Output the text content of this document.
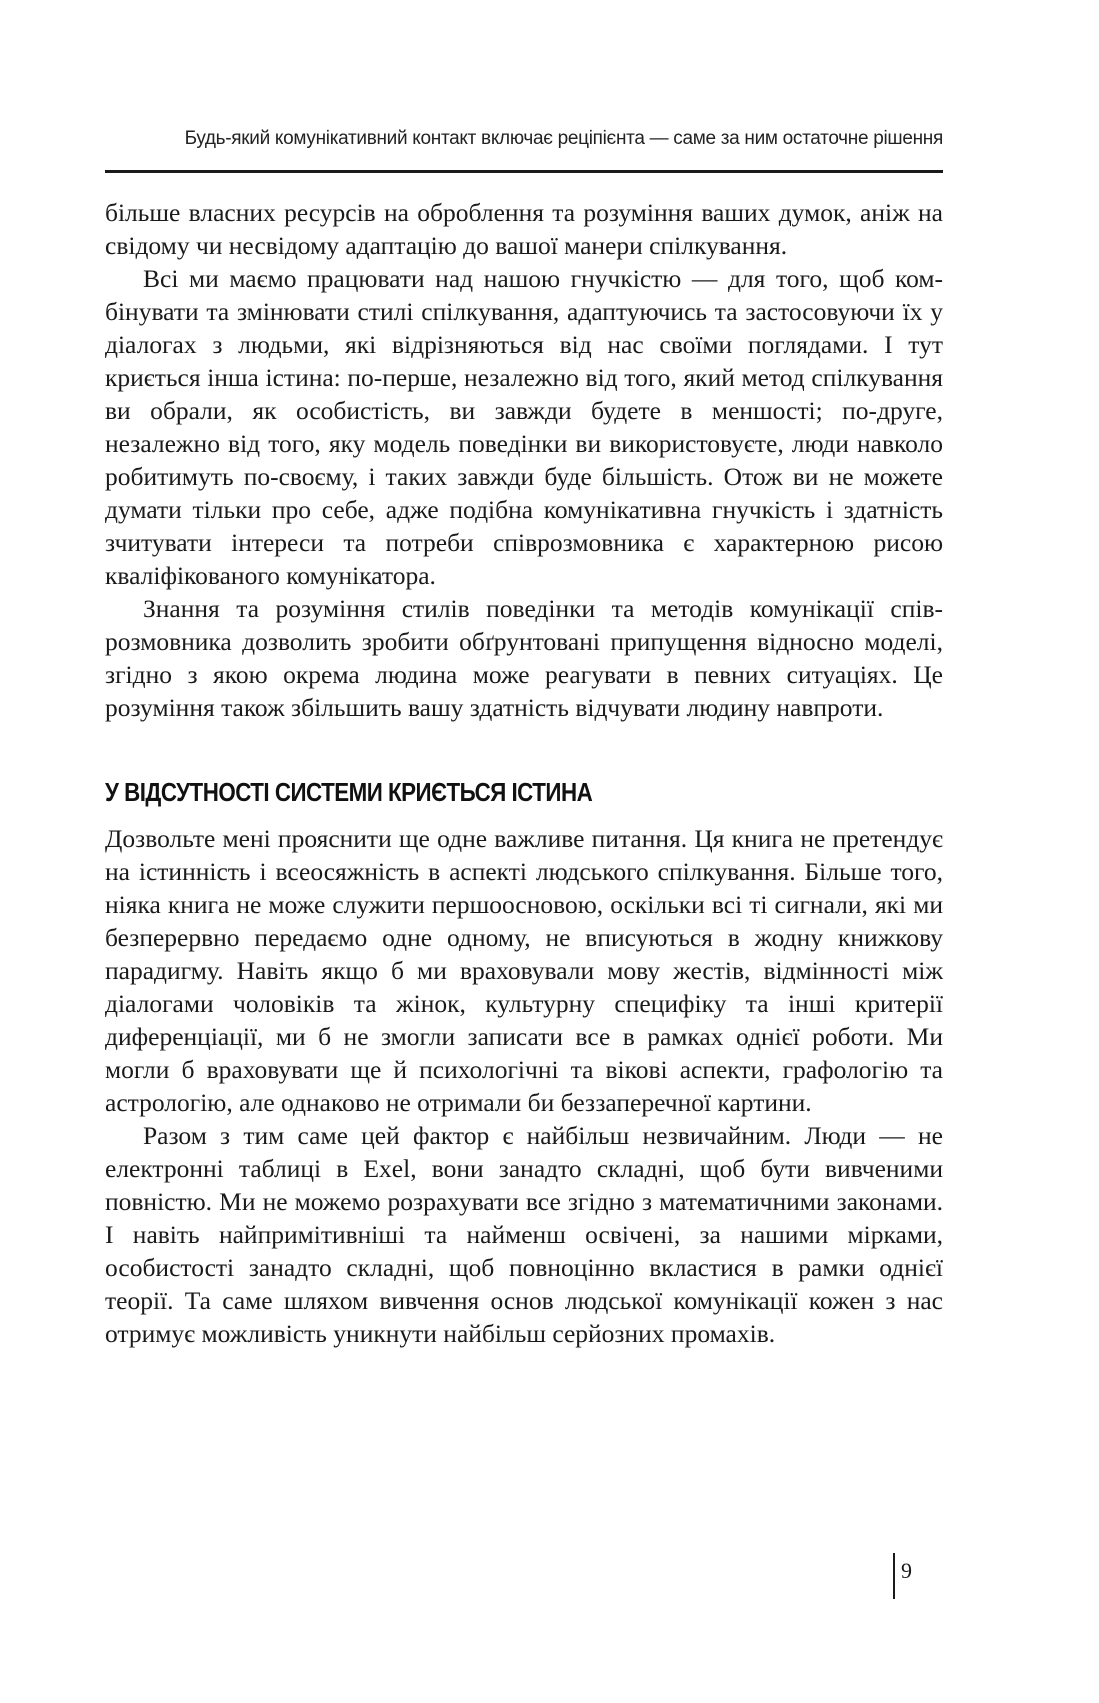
Будь-який комунікативний контакт включає реціпієнта — саме за ним остаточне рішення

більше власних ресурсів на оброблення та розуміння ваших думок, аніж на свідому чи несвідому адаптацію до вашої манери спілкування.

Всі ми маємо працювати над нашою гнучкістю — для того, щоб комбінувати та змінювати стилі спілкування, адаптуючись та застосовуючи їх у діалогах з людьми, які відрізняються від нас своїми поглядами. І тут криється інша істина: по-перше, незалежно від того, який метод спілкування ви обрали, як особистість, ви завжди будете в меншості; по-друге, незалежно від того, яку модель поведінки ви використовуєте, люди навколо робитимуть по-своєму, і таких завжди буде більшість. Отож ви не можете думати тільки про себе, адже подібна комунікативна гнучкість і здатність зчитувати інтереси та потреби співрозмовника є характерною рисою кваліфікованого комунікатора.

Знання та розуміння стилів поведінки та методів комунікації співрозмовника дозволить зробити обґрунтовані припущення відносно моделі, згідно з якою окрема людина може реагувати в певних ситуаціях. Це розуміння також збільшить вашу здатність відчувати людину навпроти.

У ВІДСУТНОСТІ СИСТЕМИ КРИЄТЬСЯ ІСТИНА

Дозвольте мені прояснити ще одне важливе питання. Ця книга не претендує на істинність і всеосяжність в аспекті людського спілкування. Більше того, ніяка книга не може служити першоосновою, оскільки всі ті сигнали, які ми безперервно передаємо одне одному, не вписуються в жодну книжкову парадигму. Навіть якщо б ми враховували мову жестів, відмінності між діалогами чоловіків та жінок, культурну специфіку та інші критерії диференціації, ми б не змогли записати все в рамках однієї роботи. Ми могли б враховувати ще й психологічні та вікові аспекти, графологію та астрологію, але однаково не отримали би беззаперечної картини.

Разом з тим саме цей фактор є найбільш незвичайним. Люди — не електронні таблиці в Exel, вони занадто складні, щоб бути вивченими повністю. Ми не можемо розрахувати все згідно з математичними законами. І навіть найпримітивніші та найменш освічені, за нашими мірками, особистості занадто складні, щоб повноцінно вкластися в рамки однієї теорії. Та саме шляхом вивчення основ людської комунікації кожен з нас отримує можливість уникнути найбільш серйозних промахів.

9
